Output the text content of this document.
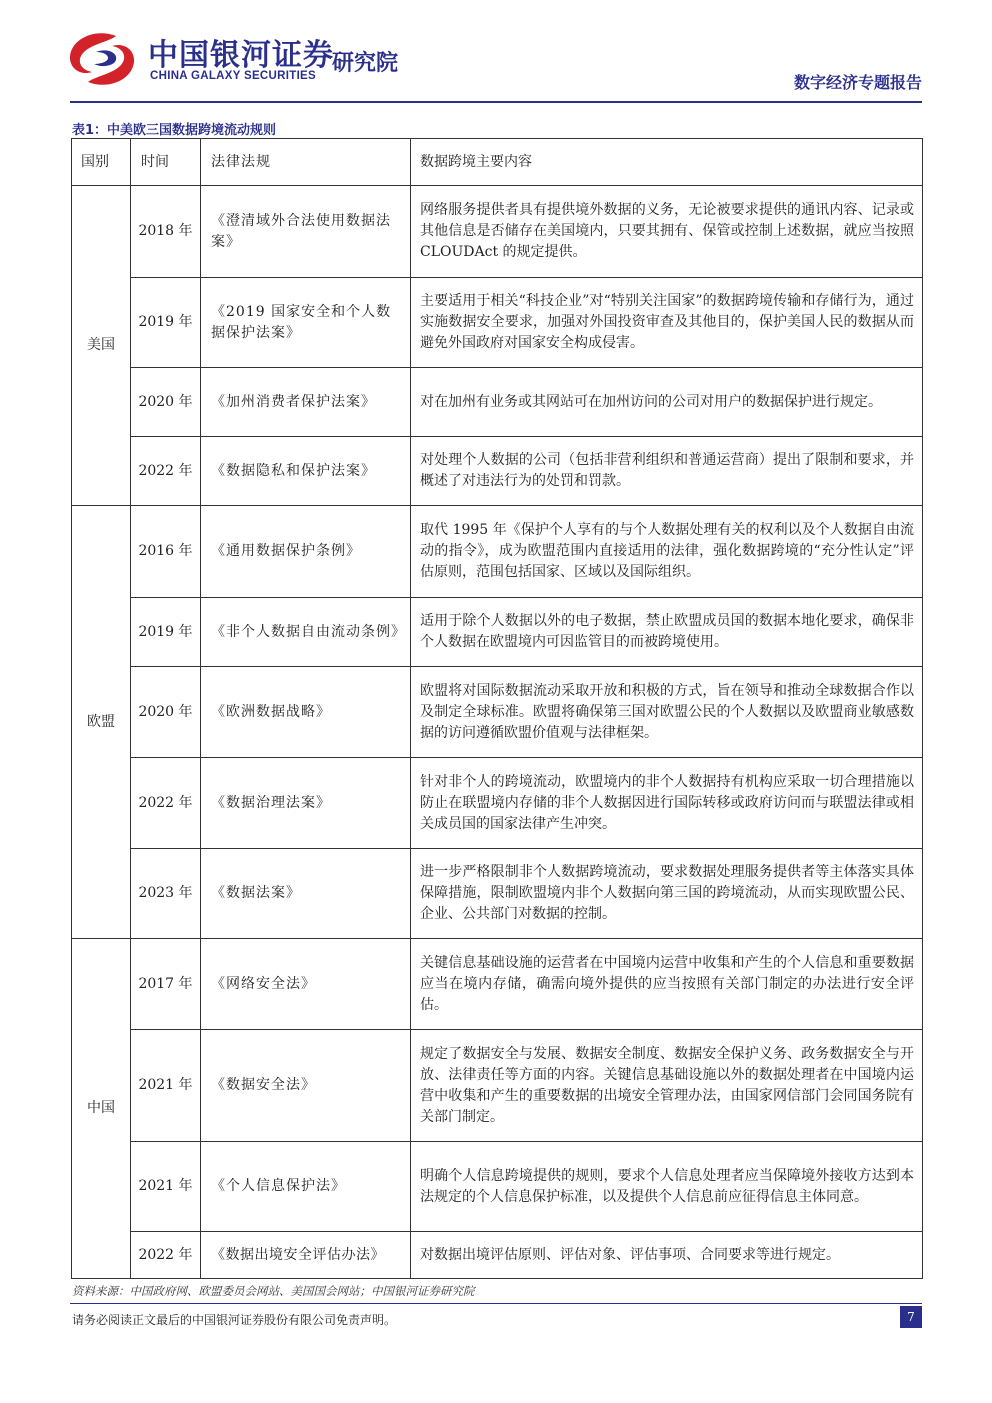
中国银河证券
CHINA GALAXY SECURITIES 研究院
数字经济专题报告
表1：中美欧三国数据跨境流动规则
国别	时间	法律法规	数据跨境主要内容
美国	2018 年	《澄清域外合法使用数据法案》	网络服务提供者具有提供境外数据的义务，无论被要求提供的通讯内容、记录或其他信息是否储存在美国境内，只要其拥有、保管或控制上述数据，就应当按照 CLOUDAct 的规定提供。
	2019 年	《2019 国家安全和个人数据保护法案》	主要适用于相关“科技企业”对“特别关注国家”的数据跨境传输和存储行为，通过实施数据安全要求，加强对外国投资审查及其他目的，保护美国人民的数据从而避免外国政府对国家安全构成侵害。
	2020 年	《加州消费者保护法案》	对在加州有业务或其网站可在加州访问的公司对用户的数据保护进行规定。
	2022 年	《数据隐私和保护法案》	对处理个人数据的公司（包括非营利组织和普通运营商）提出了限制和要求，并概述了对违法行为的处罚和罚款。
欧盟	2016 年	《通用数据保护条例》	取代 1995 年《保护个人享有的与个人数据处理有关的权利以及个人数据自由流动的指令》，成为欧盟范围内直接适用的法律，强化数据跨境的“充分性认定”评估原则，范围包括国家、区域以及国际组织。
	2019 年	《非个人数据自由流动条例》	适用于除个人数据以外的电子数据，禁止欧盟成员国的数据本地化要求，确保非个人数据在欧盟境内可因监管目的而被跨境使用。
	2020 年	《欧洲数据战略》	欧盟将对国际数据流动采取开放和积极的方式，旨在领导和推动全球数据合作以及制定全球标准。欧盟将确保第三国对欧盟公民的个人数据以及欧盟商业敏感数据的访问遵循欧盟价值观与法律框架。
	2022 年	《数据治理法案》	针对非个人的跨境流动，欧盟境内的非个人数据持有机构应采取一切合理措施以防止在联盟境内存储的非个人数据因进行国际转移或政府访问而与联盟法律或相关成员国的国家法律产生冲突。
	2023 年	《数据法案》	进一步严格限制非个人数据跨境流动，要求数据处理服务提供者等主体落实具体保障措施，限制欧盟境内非个人数据向第三国的跨境流动，从而实现欧盟公民、企业、公共部门对数据的控制。
中国	2017 年	《网络安全法》	关键信息基础设施的运营者在中国境内运营中收集和产生的个人信息和重要数据应当在境内存储，确需向境外提供的应当按照有关部门制定的办法进行安全评估。
	2021 年	《数据安全法》	规定了数据安全与发展、数据安全制度、数据安全保护义务、政务数据安全与开放、法律责任等方面的内容。关键信息基础设施以外的数据处理者在中国境内运营中收集和产生的重要数据的出境安全管理办法，由国家网信部门会同国务院有关部门制定。
	2021 年	《个人信息保护法》	明确个人信息跨境提供的规则，要求个人信息处理者应当保障境外接收方达到本法规定的个人信息保护标准，以及提供个人信息前应征得信息主体同意。
	2022 年	《数据出境安全评估办法》	对数据出境评估原则、评估对象、评估事项、合同要求等进行规定。
资料来源：中国政府网、欧盟委员会网站、美国国会网站；中国银河证券研究院
请务必阅读正文最后的中国银河证券股份有限公司免责声明。	7
